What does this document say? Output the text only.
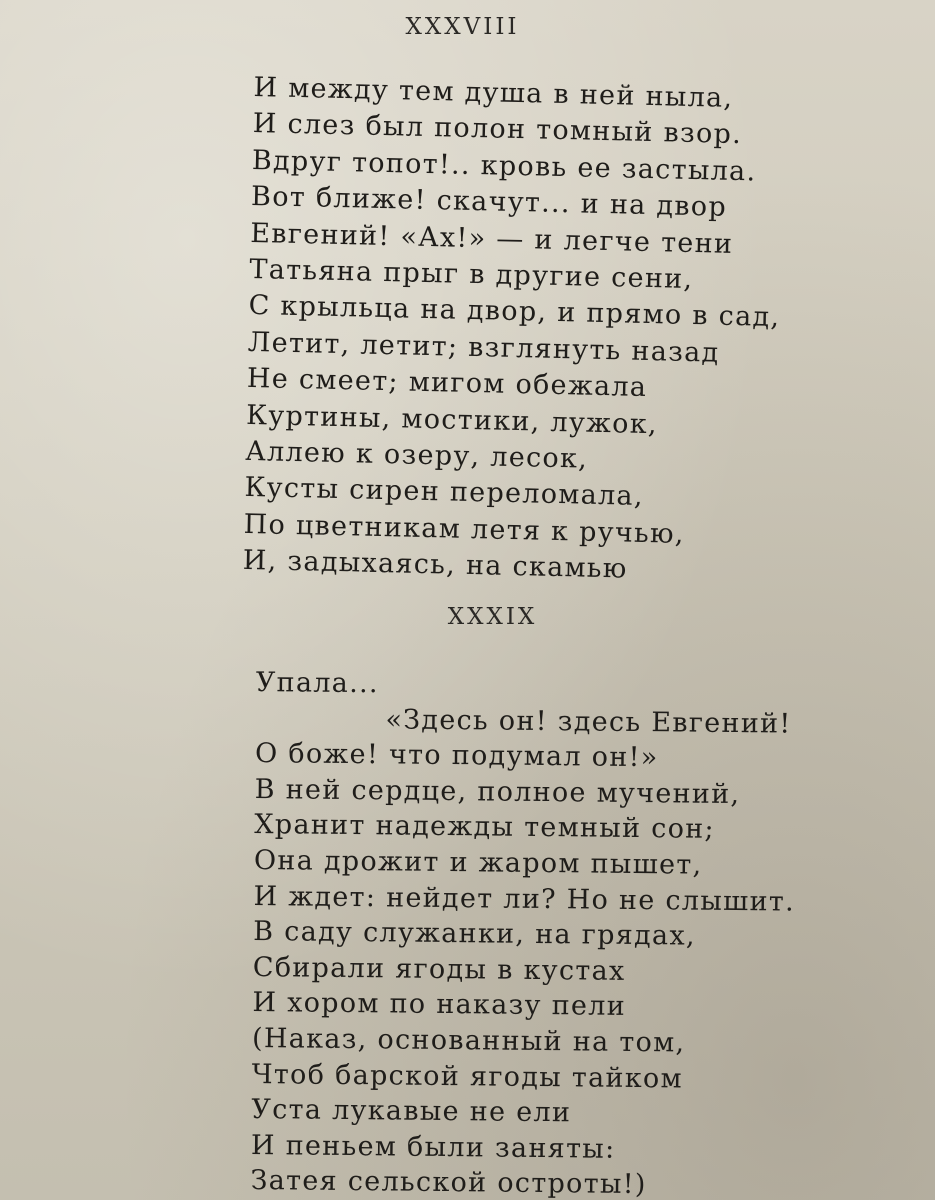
XXXVIII
И между тем душа в ней ныла,
И слез был полон томный взор.
Вдруг топот!.. кровь ее застыла.
Вот ближе! скачут... и на двор
Евгений! «Ах!» — и легче тени
Татьяна прыг в другие сени,
С крыльца на двор, и прямо в сад,
Летит, летит; взглянуть назад
Не смеет; мигом обежала
Куртины, мостики, лужок,
Аллею к озеру, лесок,
Кусты сирен переломала,
По цветникам летя к ручью,
И, задыхаясь, на скамью
XXXIX
Упала...
«Здесь он! здесь Евгений!
О боже! что подумал он!»
В ней сердце, полное мучений,
Хранит надежды темный сон;
Она дрожит и жаром пышет,
И ждет: нейдет ли? Но не слышит.
В саду служанки, на грядах,
Сбирали ягоды в кустах
И хором по наказу пели
(Наказ, основанный на том,
Чтоб барской ягоды тайком
Уста лукавые не ели
И пеньем были заняты:
Затея сельской остроты!)
